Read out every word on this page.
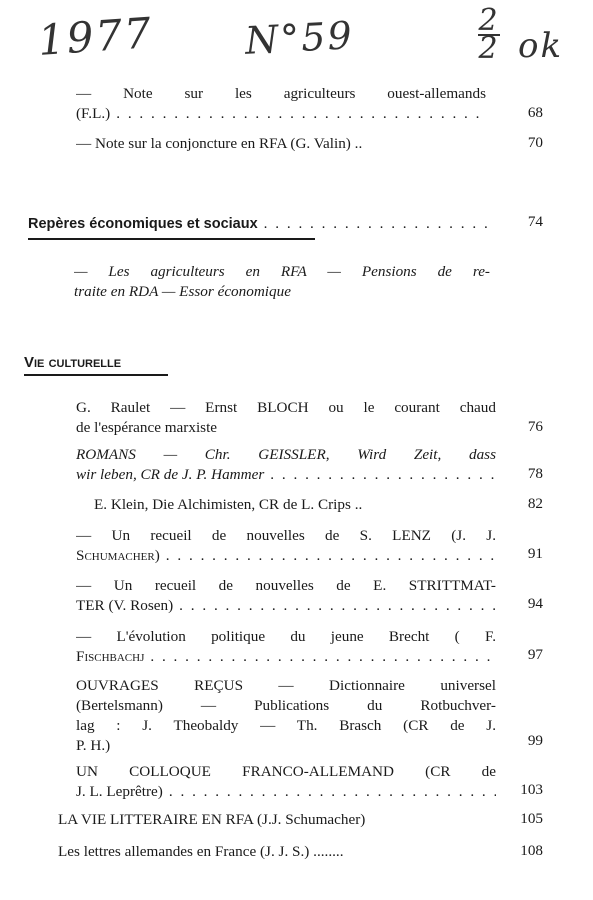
1977 N°59	2
2 ok
— Note sur les agriculteurs ouest-allemands
(F.L.) . . .	68
— Note sur la conjoncture en RFA (G. Valin) ..	70
Repères économiques et sociaux . . .	74
— Les agriculteurs en RFA — Pensions de re-
traite en RDA — Essor économique
Vie culturelle
G. Raulet — Ernst BLOCH ou le courant chaud
de l'espérance marxiste	76
ROMANS — Chr. GEISSLER, Wird Zeit, dass
wir leben, CR de J. P. Hammer . . .	78
E. Klein, Die Alchimisten, CR de L. Crips ..	82
— Un recueil de nouvelles de S. LENZ (J. J.
Schumacher) . . .	91
— Un recueil de nouvelles de E. STRITTMAT-
TER (V. Rosen) . . .	94
— L'évolution politique du jeune Brecht ( F.
Fischbachj . . .	97
OUVRAGES REÇUS — Dictionnaire universel
(Bertelsmann) — Publications du Rotbuchver-
lag : J. Theobaldy — Th. Brasch (CR de J.
P. H.)	99
UN COLLOQUE FRANCO-ALLEMAND (CR de
J. L. Leprêtre) . . .	103
LA VIE LITTERAIRE EN RFA (J.J. Schumacher)	105
Les lettres allemandes en France (J. J. S.) ........	108
